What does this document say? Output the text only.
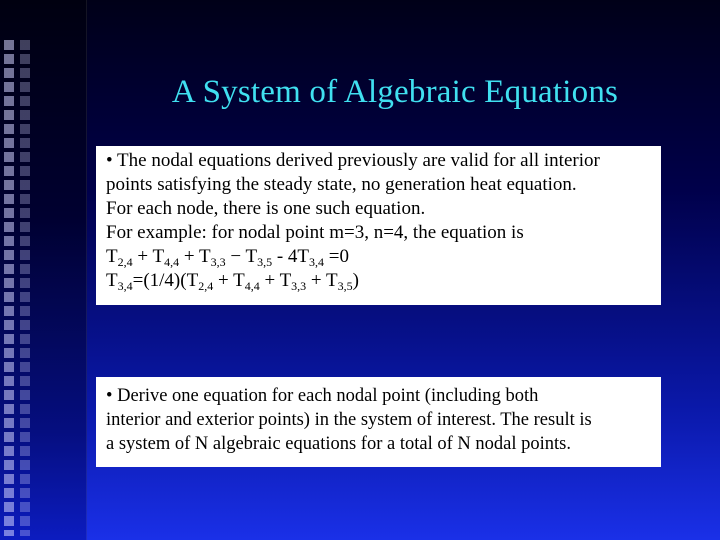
A System of Algebraic Equations
• The nodal equations derived previously are valid for all interior
points satisfying the steady state, no generation heat equation.
For each node, there is one such equation.
For example: for nodal point m=3, n=4, the equation is
$T_{2,4} + T_{4,4} + T_{3,3} - T_{3,5} - 4T_{3,4} =0$
$T_{3,4}=(1/4)(T_{2,4} + T_{4,4} + T_{3,3} + T_{3,5})$
• Derive one equation for each nodal point (including both
interior and exterior points) in the system of interest. The result is
a system of N algebraic equations for a total of N nodal points.
